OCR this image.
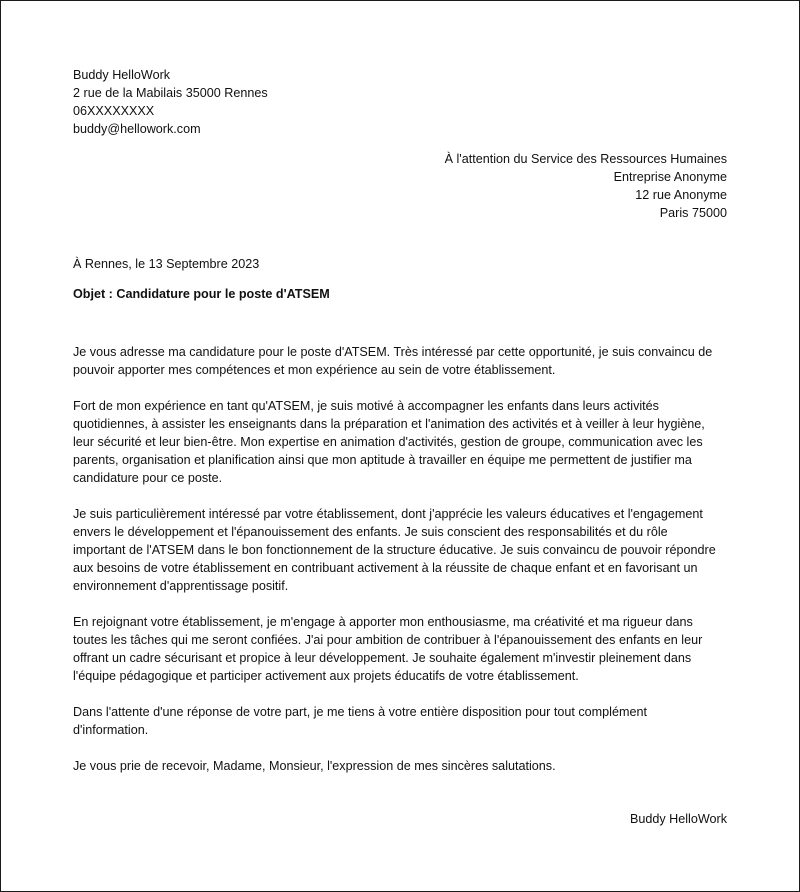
Buddy HelloWork
2 rue de la Mabilais 35000 Rennes
06XXXXXXXX
buddy@hellowork.com
À l'attention du Service des Ressources Humaines
Entreprise Anonyme
12 rue Anonyme
Paris 75000
À Rennes, le 13 Septembre 2023
Objet : Candidature pour le poste d'ATSEM

Je vous adresse ma candidature pour le poste d'ATSEM. Très intéressé par cette opportunité, je suis convaincu de
pouvoir apporter mes compétences et mon expérience au sein de votre établissement.

Fort de mon expérience en tant qu'ATSEM, je suis motivé à accompagner les enfants dans leurs activités
quotidiennes, à assister les enseignants dans la préparation et l'animation des activités et à veiller à leur hygiène,
leur sécurité et leur bien-être. Mon expertise en animation d'activités, gestion de groupe, communication avec les
parents, organisation et planification ainsi que mon aptitude à travailler en équipe me permettent de justifier ma
candidature pour ce poste.

Je suis particulièrement intéressé par votre établissement, dont j'apprécie les valeurs éducatives et l'engagement
envers le développement et l'épanouissement des enfants. Je suis conscient des responsabilités et du rôle
important de l'ATSEM dans le bon fonctionnement de la structure éducative. Je suis convaincu de pouvoir répondre
aux besoins de votre établissement en contribuant activement à la réussite de chaque enfant et en favorisant un
environnement d'apprentissage positif.

En rejoignant votre établissement, je m'engage à apporter mon enthousiasme, ma créativité et ma rigueur dans
toutes les tâches qui me seront confiées. J'ai pour ambition de contribuer à l'épanouissement des enfants en leur
offrant un cadre sécurisant et propice à leur développement. Je souhaite également m'investir pleinement dans
l'équipe pédagogique et participer activement aux projets éducatifs de votre établissement.

Dans l'attente d'une réponse de votre part, je me tiens à votre entière disposition pour tout complément
d'information.

Je vous prie de recevoir, Madame, Monsieur, l'expression de mes sincères salutations.

Buddy HelloWork
